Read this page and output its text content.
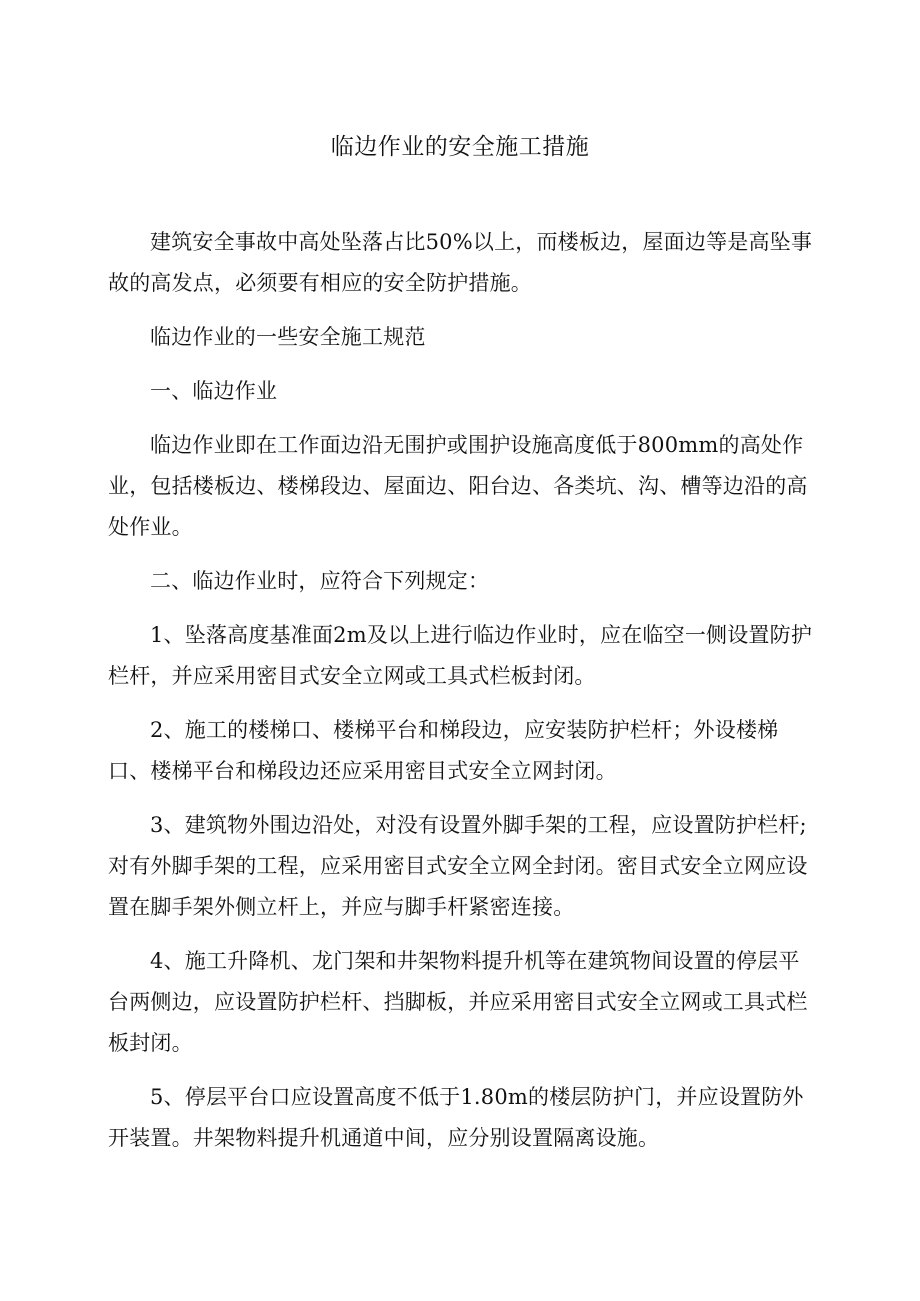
临边作业的安全施工措施

建筑安全事故中高处坠落占比50%以上，而楼板边，屋面边等是高坠事故的高发点，必须要有相应的安全防护措施。

临边作业的一些安全施工规范

一、临边作业

临边作业即在工作面边沿无围护或围护设施高度低于800mm的高处作业，包括楼板边、楼梯段边、屋面边、阳台边、各类坑、沟、槽等边沿的高处作业。

二、临边作业时，应符合下列规定：

1、坠落高度基准面2m及以上进行临边作业时，应在临空一侧设置防护栏杆，并应采用密目式安全立网或工具式栏板封闭。

2、施工的楼梯口、楼梯平台和梯段边，应安装防护栏杆；外设楼梯口、楼梯平台和梯段边还应采用密目式安全立网封闭。

3、建筑物外围边沿处，对没有设置外脚手架的工程，应设置防护栏杆;对有外脚手架的工程，应采用密目式安全立网全封闭。密目式安全立网应设置在脚手架外侧立杆上，并应与脚手杆紧密连接。

4、施工升降机、龙门架和井架物料提升机等在建筑物间设置的停层平台两侧边，应设置防护栏杆、挡脚板，并应采用密目式安全立网或工具式栏板封闭。

5、停层平台口应设置高度不低于1.80m的楼层防护门，并应设置防外开装置。井架物料提升机通道中间，应分别设置隔离设施。
